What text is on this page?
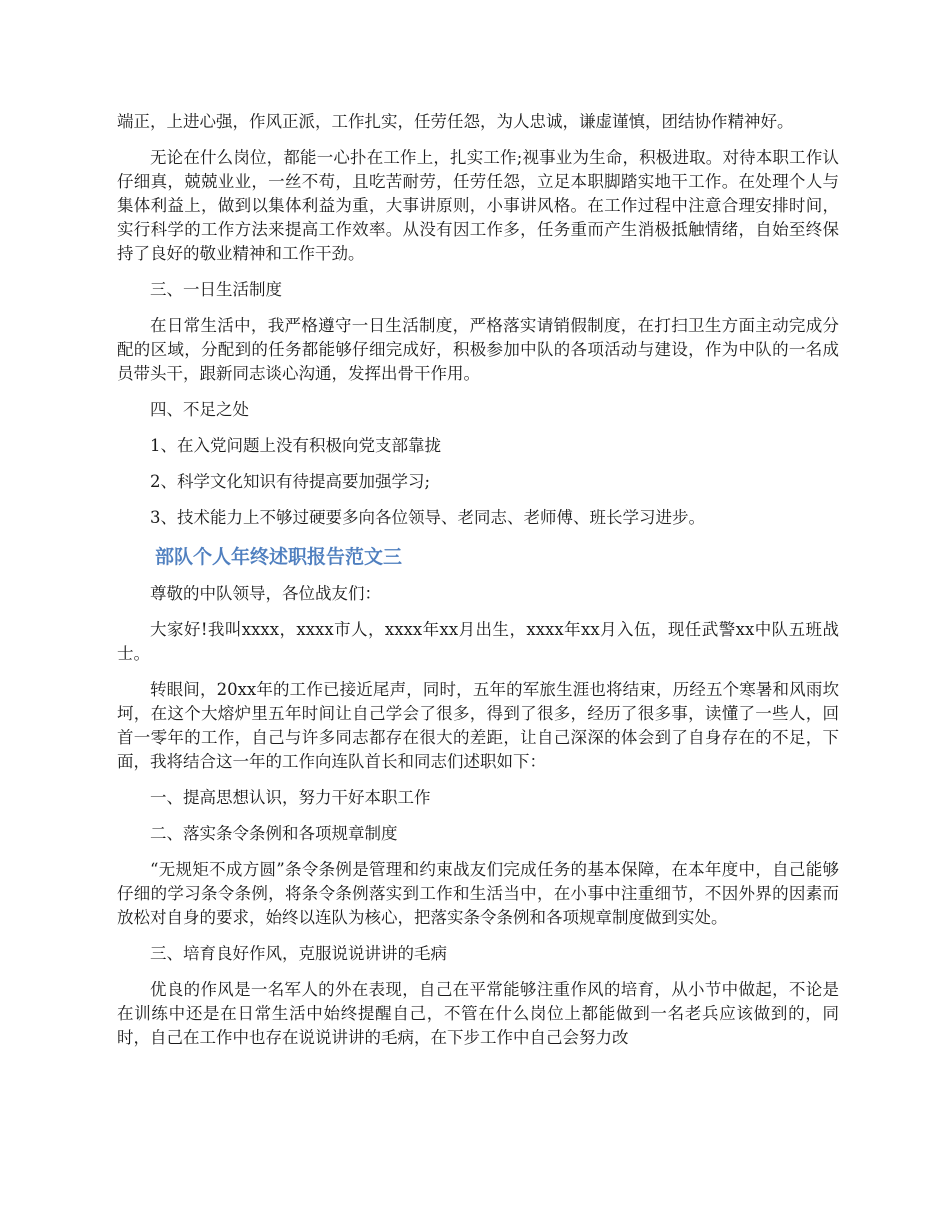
端正，上进心强，作风正派，工作扎实，任劳任怨，为人忠诚，谦虚谨慎，团结协作精神好。

无论在什么岗位，都能一心扑在工作上，扎实工作;视事业为生命，积极进取。对待本职工作认仔细真，兢兢业业，一丝不苟，且吃苦耐劳，任劳任怨，立足本职脚踏实地干工作。在处理个人与集体利益上，做到以集体利益为重，大事讲原则，小事讲风格。在工作过程中注意合理安排时间，实行科学的工作方法来提高工作效率。从没有因工作多，任务重而产生消极抵触情绪，自始至终保持了良好的敬业精神和工作干劲。

三、一日生活制度

在日常生活中，我严格遵守一日生活制度，严格落实请销假制度，在打扫卫生方面主动完成分配的区域，分配到的任务都能够仔细完成好，积极参加中队的各项活动与建设，作为中队的一名成员带头干，跟新同志谈心沟通，发挥出骨干作用。

四、不足之处

1、在入党问题上没有积极向党支部靠拢

2、科学文化知识有待提高要加强学习;

3、技术能力上不够过硬要多向各位领导、老同志、老师傅、班长学习进步。

部队个人年终述职报告范文三

尊敬的中队领导，各位战友们：

大家好!我叫xxxx，xxxx市人，xxxx年xx月出生，xxxx年xx月入伍，现任武警xx中队五班战士。

转眼间，20xx年的工作已接近尾声，同时，五年的军旅生涯也将结束，历经五个寒暑和风雨坎坷，在这个大熔炉里五年时间让自己学会了很多，得到了很多，经历了很多事，读懂了一些人，回首一零年的工作，自己与许多同志都存在很大的差距，让自己深深的体会到了自身存在的不足，下面，我将结合这一年的工作向连队首长和同志们述职如下：

一、提高思想认识，努力干好本职工作

二、落实条令条例和各项规章制度

“无规矩不成方圆”条令条例是管理和约束战友们完成任务的基本保障，在本年度中，自己能够仔细的学习条令条例，将条令条例落实到工作和生活当中，在小事中注重细节，不因外界的因素而放松对自身的要求，始终以连队为核心，把落实条令条例和各项规章制度做到实处。

三、培育良好作风，克服说说讲讲的毛病

优良的作风是一名军人的外在表现，自己在平常能够注重作风的培育，从小节中做起，不论是在训练中还是在日常生活中始终提醒自己，不管在什么岗位上都能做到一名老兵应该做到的，同时，自己在工作中也存在说说讲讲的毛病，在下步工作中自己会努力改
